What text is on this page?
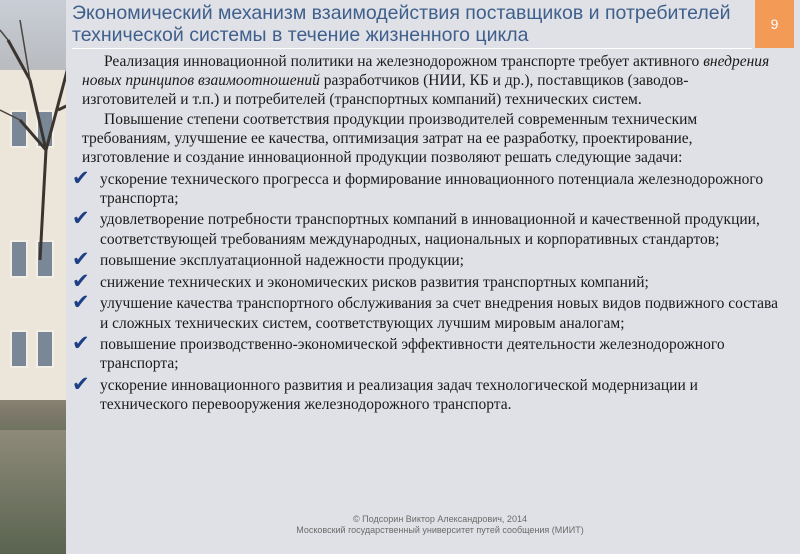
Экономический механизм взаимодействия поставщиков и потребителей технической системы в течение жизненного цикла	9

Реализация инновационной политики на железнодорожном транспорте требует активного внедрения новых принципов взаимоотношений разработчиков (НИИ, КБ и др.), поставщиков (заводов-изготовителей и т.п.) и потребителей (транспортных компаний) технических систем.

Повышение степени соответствия продукции производителей современным техническим требованиям, улучшение ее качества, оптимизация затрат на ее разработку, проектирование, изготовление и создание инновационной продукции позволяют решать следующие задачи:

✔ ускорение технического прогресса и формирование инновационного потенциала железнодорожного транспорта;
✔ удовлетворение потребности транспортных компаний в инновационной и качественной продукции, соответствующей требованиям международных, национальных и корпоративных стандартов;
✔ повышение эксплуатационной надежности продукции;
✔ снижение технических и экономических рисков развития транспортных компаний;
✔ улучшение качества транспортного обслуживания за счет внедрения новых видов подвижного состава и сложных технических систем, соответствующих лучшим мировым аналогам;
✔ повышение производственно-экономической эффективности деятельности железнодорожного транспорта;
✔ ускорение инновационного развития и реализация задач технологической модернизации и технического перевооружения железнодорожного транспорта.
© Подсорин Виктор Александрович, 2014
Московский государственный университет путей сообщения (МИИТ)
